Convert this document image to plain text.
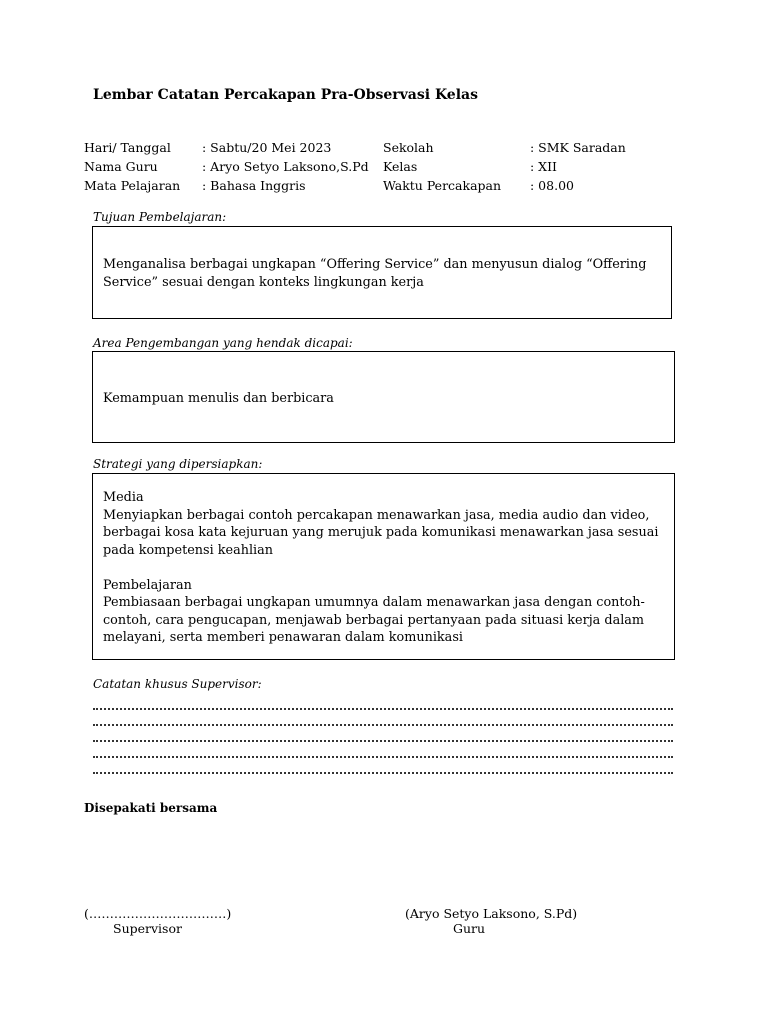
Lembar Catatan Percakapan Pra-Observasi Kelas
Hari/ Tanggal : Sabtu/20 Mei 2023	Sekolah	: SMK Saradan
Nama Guru	: Aryo Setyo Laksono,S.Pd Kelas	: XII
Mata Pelajaran : Bahasa Inggris	Waktu Percakapan : 08.00
Tujuan Pembelajaran:
Menganalisa berbagai ungkapan “Offering Service” dan menyusun dialog “Offering Service” sesuai dengan konteks lingkungan kerja
Area Pengembangan yang hendak dicapai:
Kemampuan menulis dan berbicara
Strategi yang dipersiapkan:

Media

Menyiapkan berbagai contoh percakapan menawarkan jasa, media audio dan video, berbagai kosa kata kejuruan yang merujuk pada komunikasi menawarkan jasa sesuai pada kompetensi keahlian

Pembelajaran

Pembiasaan berbagai ungkapan umumnya dalam menawarkan jasa dengan contoh-contoh, cara pengucapan, menjawab berbagai pertanyaan pada situasi kerja dalam melayani, serta memberi penawaran dalam komunikasi

Catatan khusus Supervisor:
Disepakati bersama
(……………………………)
Supervisor
(Aryo Setyo Laksono, S.Pd)
Guru
